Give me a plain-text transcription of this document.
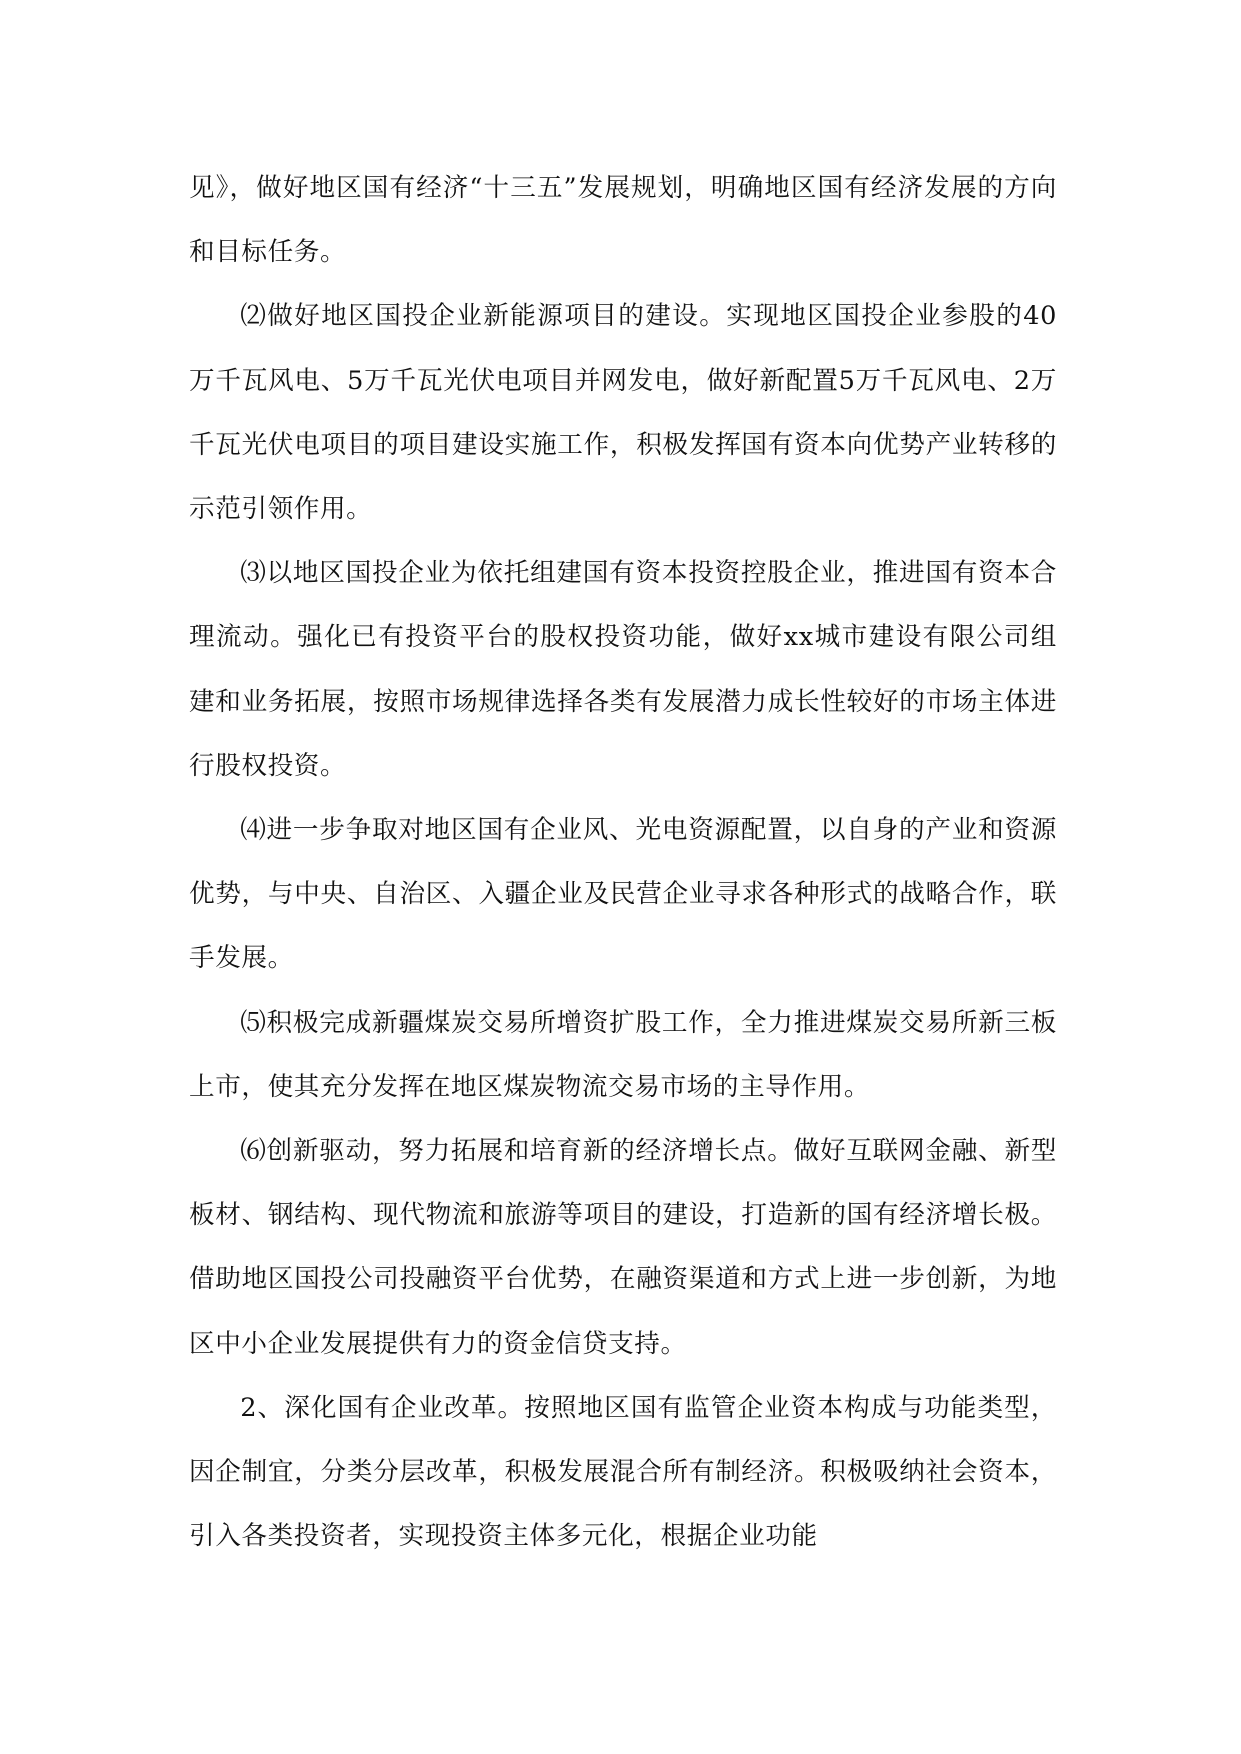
见》，做好地区国有经济“十三五”发展规划，明确地区国有经济发展的方向和目标任务。

⑵做好地区国投企业新能源项目的建设。实现地区国投企业参股的40万千瓦风电、5万千瓦光伏电项目并网发电，做好新配置5万千瓦风电、2万千瓦光伏电项目的项目建设实施工作，积极发挥国有资本向优势产业转移的示范引领作用。

⑶以地区国投企业为依托组建国有资本投资控股企业，推进国有资本合理流动。强化已有投资平台的股权投资功能，做好xx城市建设有限公司组建和业务拓展，按照市场规律选择各类有发展潜力成长性较好的市场主体进行股权投资。

⑷进一步争取对地区国有企业风、光电资源配置，以自身的产业和资源优势，与中央、自治区、入疆企业及民营企业寻求各种形式的战略合作，联手发展。

⑸积极完成新疆煤炭交易所增资扩股工作，全力推进煤炭交易所新三板上市，使其充分发挥在地区煤炭物流交易市场的主导作用。

⑹创新驱动，努力拓展和培育新的经济增长点。做好互联网金融、新型板材、钢结构、现代物流和旅游等项目的建设，打造新的国有经济增长极。借助地区国投公司投融资平台优势，在融资渠道和方式上进一步创新，为地区中小企业发展提供有力的资金信贷支持。

2、深化国有企业改革。按照地区国有监管企业资本构成与功能类型，因企制宜，分类分层改革，积极发展混合所有制经济。积极吸纳社会资本，引入各类投资者，实现投资主体多元化，根据企业功能
